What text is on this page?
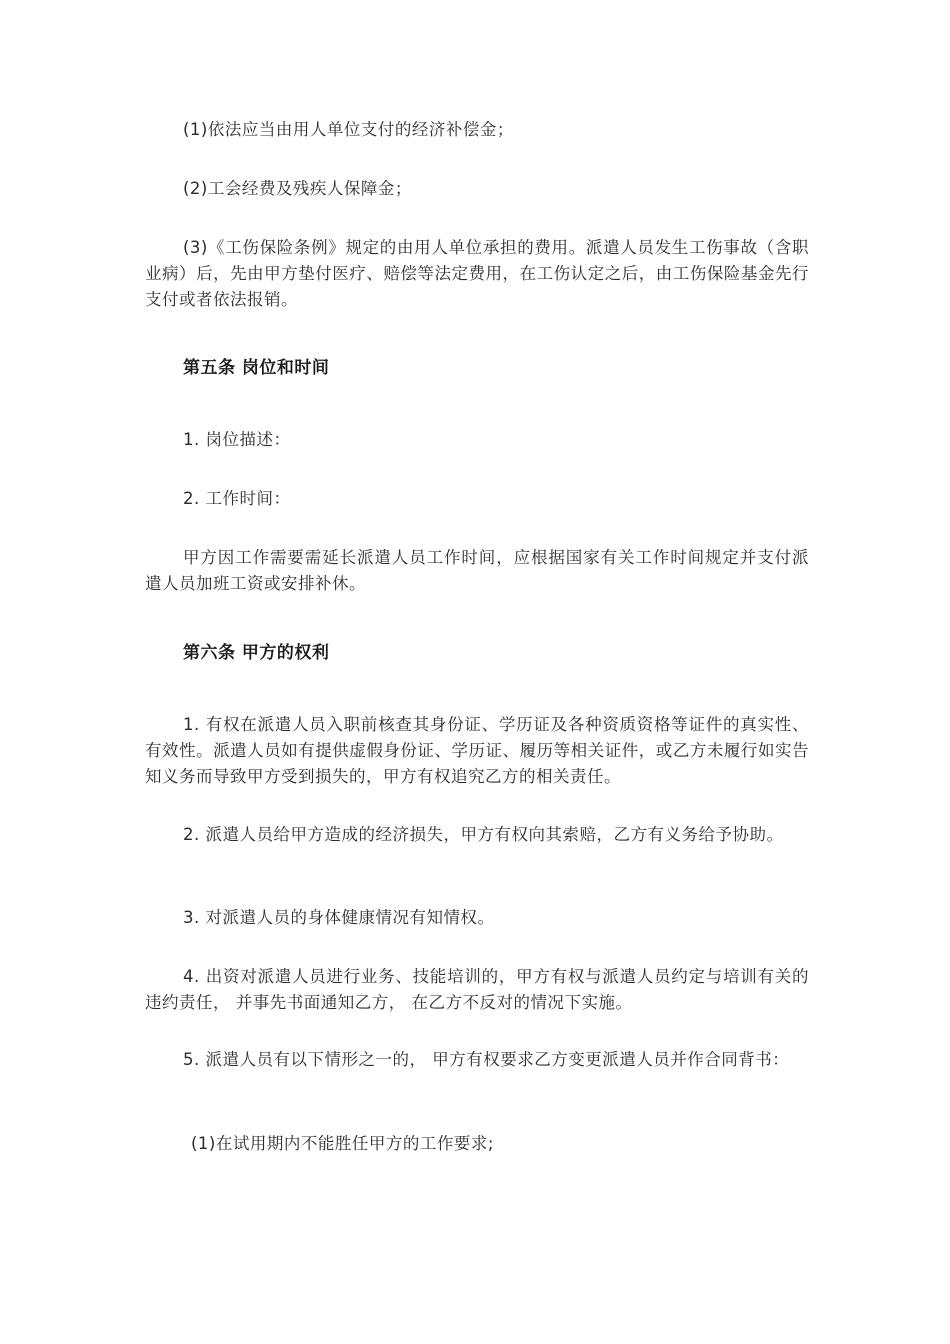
(1)依法应当由用人单位支付的经济补偿金；

(2)工会经费及残疾人保障金；

(3)《工伤保险条例》规定的由用人单位承担的费用。派遣人员发生工伤事故（含职业病）后，先由甲方垫付医疗、赔偿等法定费用，在工伤认定之后，由工伤保险基金先行支付或者依法报销。

第五条 岗位和时间

1. 岗位描述：

2. 工作时间：

甲方因工作需要需延长派遣人员工作时间，应根据国家有关工作时间规定并支付派遣人员加班工资或安排补休。

第六条 甲方的权利

1. 有权在派遣人员入职前核查其身份证、学历证及各种资质资格等证件的真实性、有效性。派遣人员如有提供虚假身份证、学历证、履历等相关证件，或乙方未履行如实告知义务而导致甲方受到损失的，甲方有权追究乙方的相关责任。

2. 派遣人员给甲方造成的经济损失，甲方有权向其索赔，乙方有义务给予协助。

3. 对派遣人员的身体健康情况有知情权。

4. 出资对派遣人员进行业务、技能培训的，甲方有权与派遣人员约定与培训有关的违约责任， 并事先书面通知乙方， 在乙方不反对的情况下实施。

5. 派遣人员有以下情形之一的， 甲方有权要求乙方变更派遣人员并作合同背书：

(1)在试用期内不能胜任甲方的工作要求;
